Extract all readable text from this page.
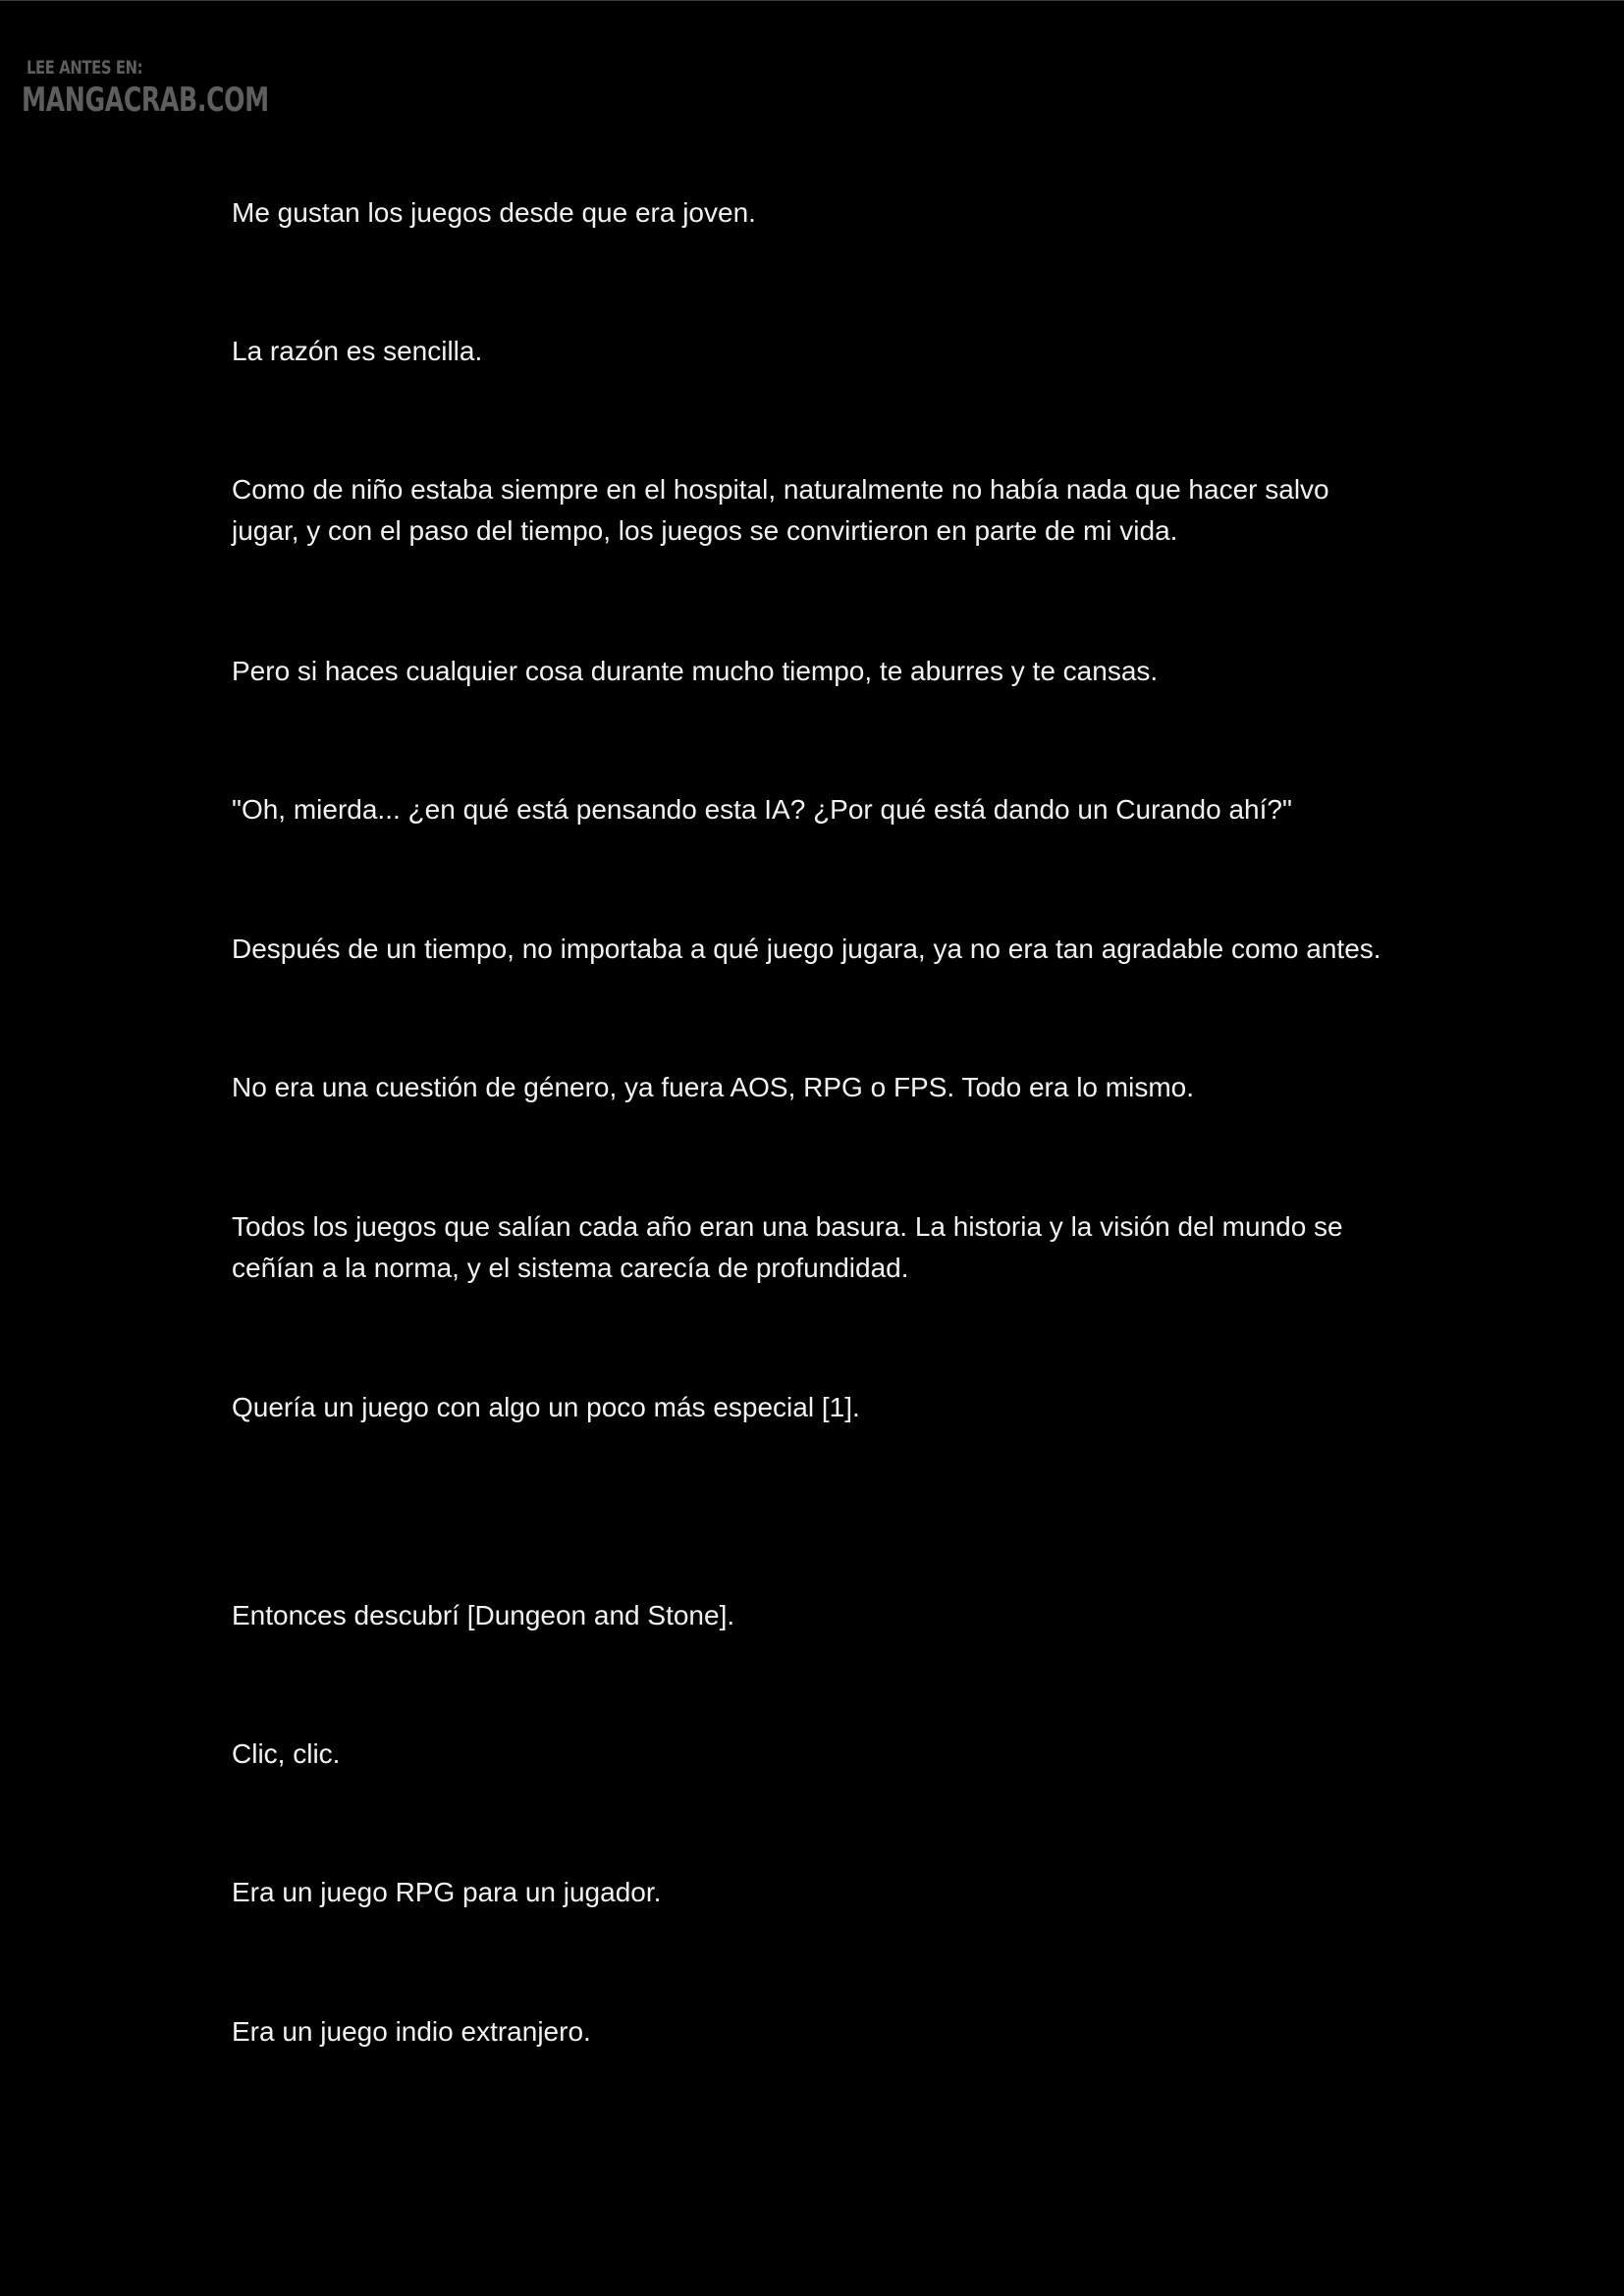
LEE ANTES EN:
MANGACRAB.COM

Me gustan los juegos desde que era joven.

La razón es sencilla.

Como de niño estaba siempre en el hospital, naturalmente no había nada que hacer salvo
jugar, y con el paso del tiempo, los juegos se convirtieron en parte de mi vida.

Pero si haces cualquier cosa durante mucho tiempo, te aburres y te cansas.

"Oh, mierda... ¿en qué está pensando esta IA? ¿Por qué está dando un Curando ahí?"

Después de un tiempo, no importaba a qué juego jugara, ya no era tan agradable como antes.

No era una cuestión de género, ya fuera AOS, RPG o FPS. Todo era lo mismo.

Todos los juegos que salían cada año eran una basura. La historia y la visión del mundo se
ceñían a la norma, y el sistema carecía de profundidad.

Quería un juego con algo un poco más especial [1].

Entonces descubrí [Dungeon and Stone].

Clic, clic.

Era un juego RPG para un jugador.

Era un juego indio extranjero.
